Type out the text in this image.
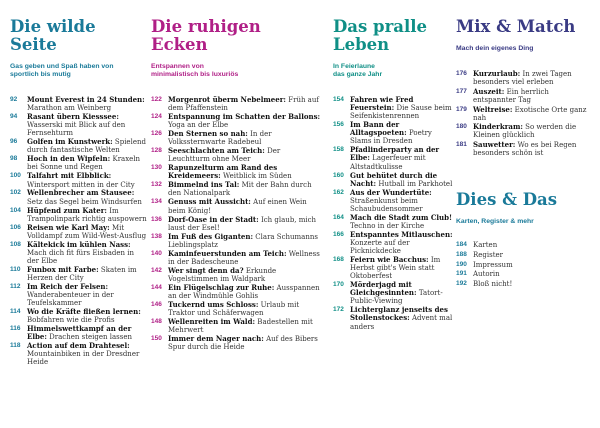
Die wilde
Seite
Gas geben und Spaß haben von
sportlich bis mutig
92	Mount Everest in 24 Stunden: Marathon am Weinberg
94	Rasant übern Kiesssee: Wasserski mit Blick auf den Fernsehturm
96	Golfen im Kunstwerk: Spielend durch fantastische Welten
98	Hoch in den Wipfeln: Kraxeln bei Sonne und Regen
100 Talfahrt mit Elbblick: Wintersport mitten in der City
102 Wellenbrecher am Stausee: Setz das Segel beim Windsurfen
104 Hüpfend zum Kater: Im Trampolinpark richtig auspowern
106 Reisen wie Karl May: Mit Volldampf zum Wild-West-Ausflug
108 Kältekick im kühlen Nass: Mach dich fit fürs Eisbaden in der Elbe
110 Funbox mit Farbe: Skaten im Herzen der City
112 Im Reich der Felsen: Wanderabenteuer in der Teufelskammer
114 Wo die Kräfte fließen lernen: Bobfahren wie die Profis
116 Himmelswettkampf an der Elbe: Drachen steigen lassen
118 Action auf dem Drahtesel: Mountainbiken in der Dresdner Heide
Die ruhigen
Ecken
Entspannen von
minimalistisch bis luxuriös
122 Morgenrot überm Nebelmeer: Früh auf dem Pfaffenstein
124 Entspannung im Schatten der Ballons: Yoga an der Elbe
126 Den Sternen so nah: In der Volkssternwarte Radebeul
128 Seeschlachten am Teich: Der Leuchtturm ohne Meer
130 Rapunzelturm am Rand des Kreidemeers: Weitblick im Süden
132 Bimmelnd ins Tal: Mit der Bahn durch den Nationalpark
134 Genuss mit Aussicht: Auf einen Wein beim König!
136 Dorf-Oase in der Stadt: Ich glaub, mich laust der Esel!
138 Im Fuß des Giganten: Clara Schumanns Lieblingsplatz
140 Kaminfeuerstunden am Teich: Wellness in der Badescheune
142 Wer singt denn da? Erkunde Vogelstimmen im Waldpark
144 Ein Flügelschlag zur Ruhe: Ausspannen an der Windmühle Gohlis
146 Tuckernd ums Schloss: Urlaub mit Traktor und Schäferwagen
148 Wellenreiten im Wald: Badestellen mit Mehrwert
150 Immer dem Nager nach: Auf des Bibers Spur durch die Heide
Das pralle
Leben
In Feierlaune
das ganze Jahr
154 Fahren wie Fred Feuerstein: Die Sause beim Seifenkistenrennen
156 Im Bann der Alltagspoeten: Poetry Slams in Dresden
158 Pfadlinderparty an der Elbe: Lagerfeuer mit Altstadtkulisse
160 Gut behütet durch die Nacht: Hutball im Parkhotel
162 Aus der Wundertüte: Straßenkunst beim Schaubudensommer
164 Mach die Stadt zum Club! Techno in der Kirche
166 Entspanntes Mitlauschen: Konzerte auf der Picknickdecke
168 Feiern wie Bacchus: Im Herbst gibt's Wein statt Oktoberfest
170 Mörderjagd mit Gleichgesinnten: Tatort-Public-Viewing
172 Lichterglanz jenseits des Stollenstockes: Advent mal anders
Mix & Match
Mach dein eigenes Ding
176 Kurzurlaub: In zwei Tagen besonders viel erleben
177 Auszeit: Ein herrlich entspannter Tag
179 Weltreise: Exotische Orte ganz nah
180 Kinderkram: So werden die Kleinen glücklich
181 Sauwetter: Wo es bei Regen besonders schön ist
Dies & Das
Karten, Register & mehr
184 Karten
188 Register
190 Impressum
191 Autorin
192 Bloß nicht!
